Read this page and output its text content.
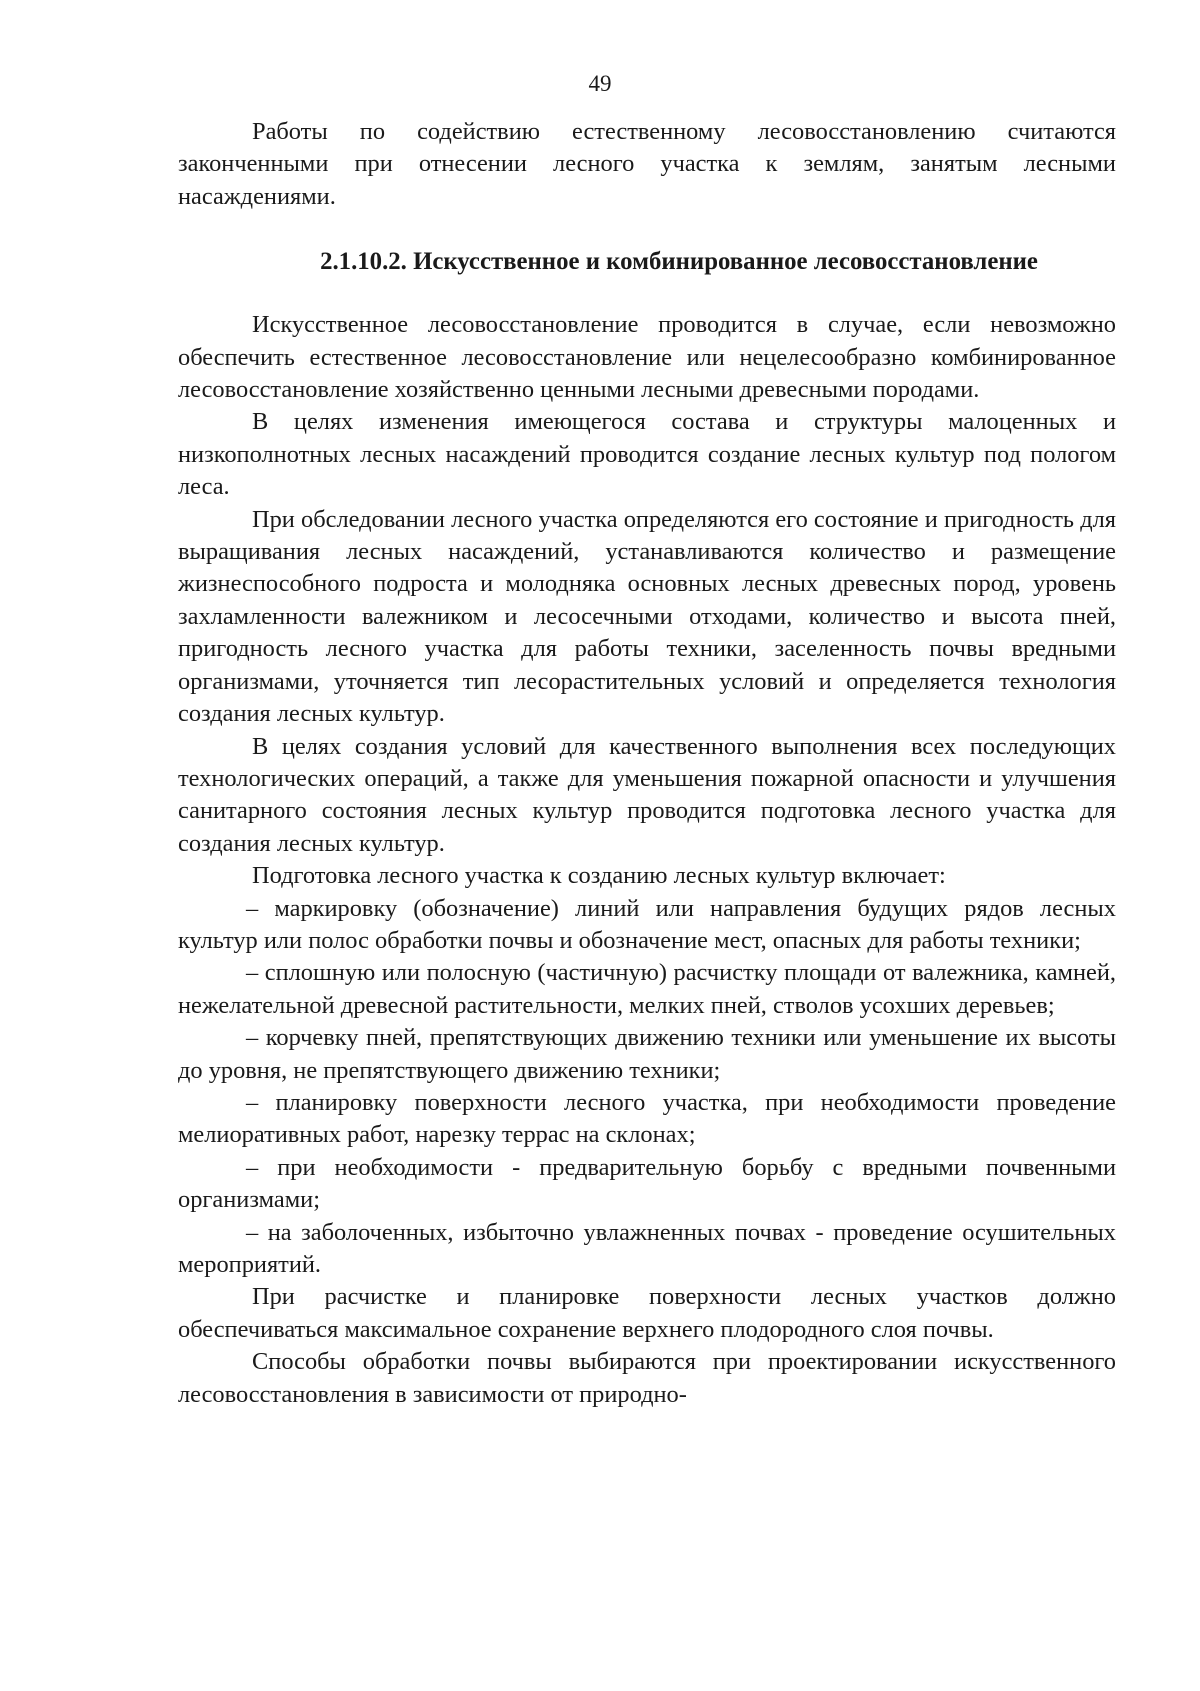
49

Работы по содействию естественному лесовосстановлению считаются законченными при отнесении лесного участка к землям, занятым лесными насаждениями.

2.1.10.2. Искусственное и комбинированное лесовосстановление

Искусственное лесовосстановление проводится в случае, если невозможно обеспечить естественное лесовосстановление или нецелесообразно комбинированное лесовосстановление хозяйственно ценными лесными древесными породами.

В целях изменения имеющегося состава и структуры малоценных и низкополнотных лесных насаждений проводится создание лесных культур под пологом леса.

При обследовании лесного участка определяются его состояние и пригодность для выращивания лесных насаждений, устанавливаются количество и размещение жизнеспособного подроста и молодняка основных лесных древесных пород, уровень захламленности валежником и лесосечными отходами, количество и высота пней, пригодность лесного участка для работы техники, заселенность почвы вредными организмами, уточняется тип лесорастительных условий и определяется технология создания лесных культур.

В целях создания условий для качественного выполнения всех последующих технологических операций, а также для уменьшения пожарной опасности и улучшения санитарного состояния лесных культур проводится подготовка лесного участка для создания лесных культур.

Подготовка лесного участка к созданию лесных культур включает:

– маркировку (обозначение) линий или направления будущих рядов лесных культур или полос обработки почвы и обозначение мест, опасных для работы техники;

– сплошную или полосную (частичную) расчистку площади от валежника, камней, нежелательной древесной растительности, мелких пней, стволов усохших деревьев;

– корчевку пней, препятствующих движению техники или уменьшение их высоты до уровня, не препятствующего движению техники;

– планировку поверхности лесного участка, при необходимости проведение мелиоративных работ, нарезку террас на склонах;

– при необходимости - предварительную борьбу с вредными почвенными организмами;

– на заболоченных, избыточно увлажненных почвах - проведение осушительных мероприятий.

При расчистке и планировке поверхности лесных участков должно обеспечиваться максимальное сохранение верхнего плодородного слоя почвы.

Способы обработки почвы выбираются при проектировании искусственного лесовосстановления в зависимости от природно-
